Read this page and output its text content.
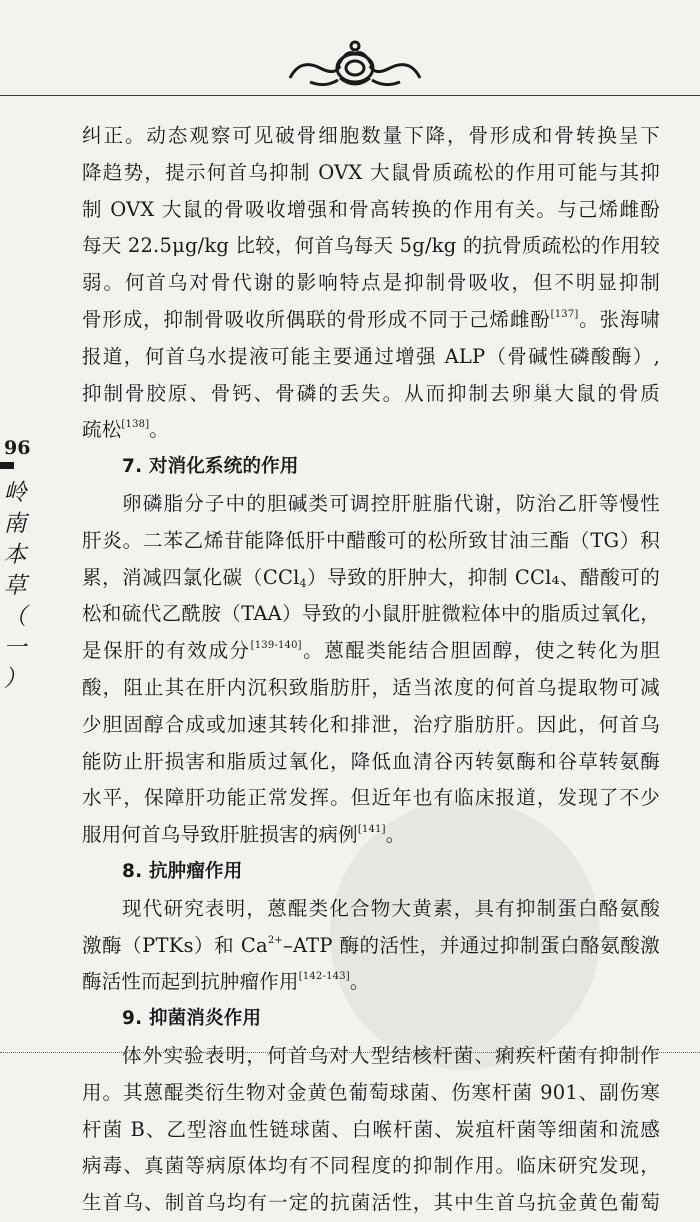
96
岭
南
本
草
（
一
）
纠正。动态观察可见破骨细胞数量下降，骨形成和骨转换呈下
降趋势，提示何首乌抑制 OVX 大鼠骨质疏松的作用可能与其抑
制 OVX 大鼠的骨吸收增强和骨高转换的作用有关。与己烯雌酚
每天 22.5μg/kg 比较，何首乌每天 5g/kg 的抗骨质疏松的作用较
弱。何首乌对骨代谢的影响特点是抑制骨吸收，但不明显抑制
骨形成，抑制骨吸收所偶联的骨形成不同于己烯雌酚[137]。张海啸
报道，何首乌水提液可能主要通过增强 ALP（骨碱性磷酸酶）,
抑制骨胶原、骨钙、骨磷的丢失。从而抑制去卵巢大鼠的骨质
疏松[138]。
7. 对消化系统的作用
卵磷脂分子中的胆碱类可调控肝脏脂代谢，防治乙肝等慢性
肝炎。二苯乙烯苷能降低肝中醋酸可的松所致甘油三酯（TG）积
累，消减四氯化碳（CCl$_4$）导致的肝肿大，抑制 CCl₄、醋酸可的
松和硫代乙酰胺（TAA）导致的小鼠肝脏微粒体中的脂质过氧化，
是保肝的有效成分[139-140]。蒽醌类能结合胆固醇，使之转化为胆
酸，阻止其在肝内沉积致脂肪肝，适当浓度的何首乌提取物可减
少胆固醇合成或加速其转化和排泄，治疗脂肪肝。因此，何首乌
能防止肝损害和脂质过氧化，降低血清谷丙转氨酶和谷草转氨酶
水平，保障肝功能正常发挥。但近年也有临床报道，发现了不少
服用何首乌导致肝脏损害的病例[141]。
8. 抗肿瘤作用
现代研究表明，蒽醌类化合物大黄素，具有抑制蛋白酪氨酸
激酶（PTKs）和 $Ca^{2+}$–ATP 酶的活性，并通过抑制蛋白酪氨酸激
酶活性而起到抗肿瘤作用[142-143]。
9. 抑菌消炎作用
体外实验表明，何首乌对人型结核杆菌、痢疾杆菌有抑制作
用。其蒽醌类衍生物对金黄色葡萄球菌、伤寒杆菌 901、副伤寒
杆菌 B、乙型溶血性链球菌、白喉杆菌、炭疽杆菌等细菌和流感
病毒、真菌等病原体均有不同程度的抑制作用。临床研究发现，
生首乌、制首乌均有一定的抗菌活性，其中生首乌抗金黄色葡萄
